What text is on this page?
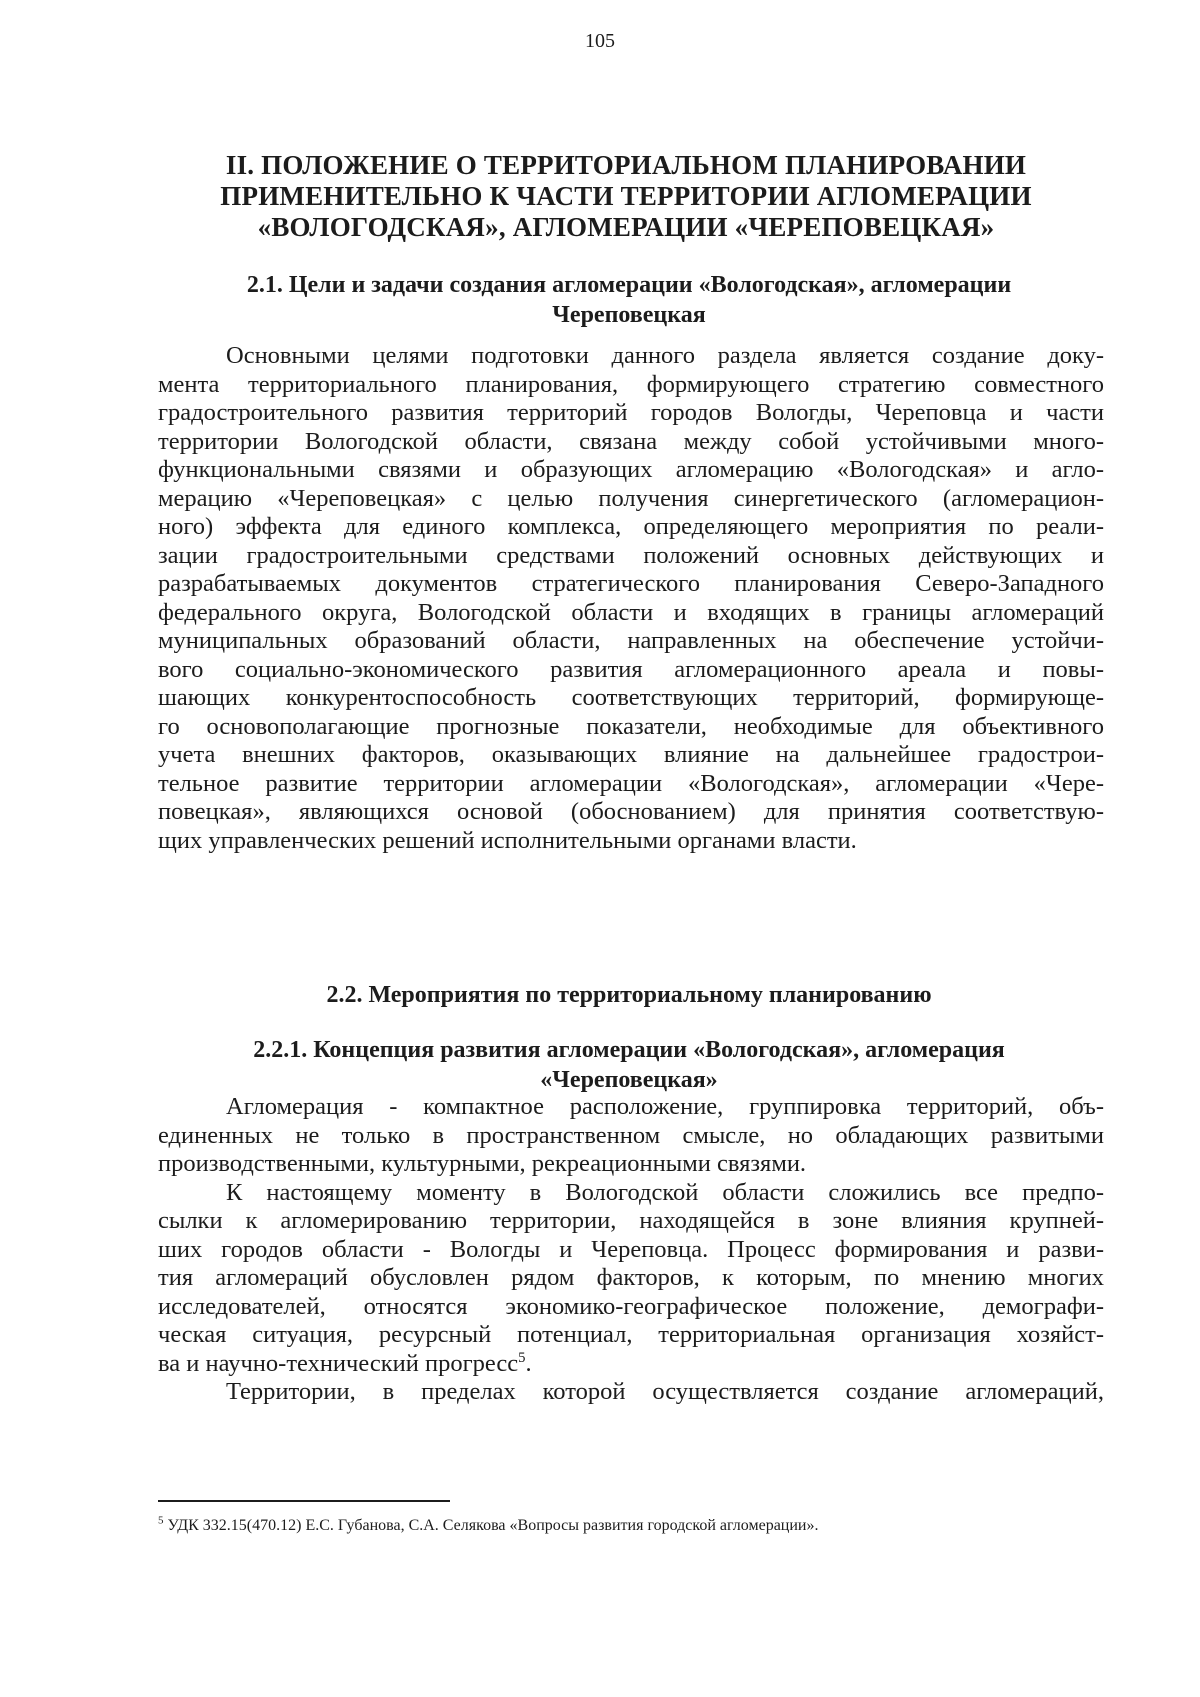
105
II. ПОЛОЖЕНИЕ О ТЕРРИТОРИАЛЬНОМ ПЛАНИРОВАНИИ
ПРИМЕНИТЕЛЬНО К ЧАСТИ ТЕРРИТОРИИ АГЛОМЕРАЦИИ
«ВОЛОГОДСКАЯ», АГЛОМЕРАЦИИ «ЧЕРЕПОВЕЦКАЯ»
2.1. Цели и задачи создания агломерации «Вологодская», агломерации
Череповецкая
Основными целями подготовки данного раздела является создание доку-
мента территориального планирования, формирующего стратегию совместного
градостроительного развития территорий городов Вологды, Череповца и части
территории Вологодской области, связана между собой устойчивыми много-
функциональными связями и образующих агломерацию «Вологодская» и агло-
мерацию «Череповецкая» с целью получения синергетического (агломерацион-
ного) эффекта для единого комплекса, определяющего мероприятия по реали-
зации градостроительными средствами положений основных действующих и
разрабатываемых документов стратегического планирования Северо-Западного
федерального округа, Вологодской области и входящих в границы агломераций
муниципальных образований области, направленных на обеспечение устойчи-
вого социально-экономического развития агломерационного ареала и повы-
шающих конкурентоспособность соответствующих территорий, формирующе-
го основополагающие прогнозные показатели, необходимые для объективного
учета внешних факторов, оказывающих влияние на дальнейшее градострои-
тельное развитие территории агломерации «Вологодская», агломерации «Чере-
повецкая», являющихся основой (обоснованием) для принятия соответствую-
щих управленческих решений исполнительными органами власти.
2.2. Мероприятия по территориальному планированию
2.2.1. Концепция развития агломерации «Вологодская», агломерация
«Череповецкая»
Агломерация - компактное расположение, группировка территорий, объ-
единенных не только в пространственном смысле, но обладающих развитыми
производственными, культурными, рекреационными связями.
К настоящему моменту в Вологодской области сложились все предпо-
сылки к агломерированию территории, находящейся в зоне влияния крупней-
ших городов области - Вологды и Череповца. Процесс формирования и разви-
тия агломераций обусловлен рядом факторов, к которым, по мнению многих
исследователей, относятся экономико-географическое положение, демографи-
ческая ситуация, ресурсный потенциал, территориальная организация хозяйст-
ва и научно-технический прогресс$^5$.
Территории, в пределах которой осуществляется создание агломераций,
$^5$ УДК 332.15(470.12) Е.С. Губанова, С.А. Селякова «Вопросы развития городской агломерации».
